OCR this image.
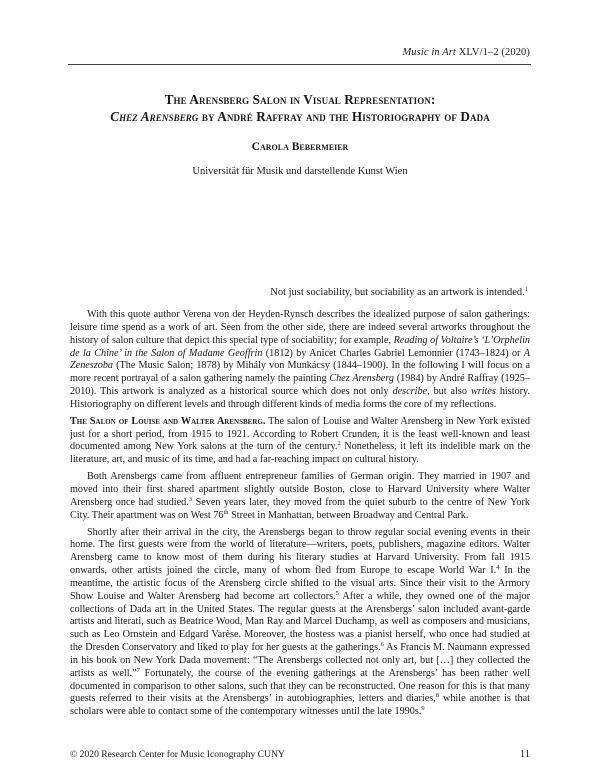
Music in Art XLV/1–2 (2020)
The Arensberg Salon in Visual Representation:
Chez Arensberg by André Raffray and the Historiography of Dada
Carola Bebermeier
Universität für Musik und darstellende Kunst Wien
Not just sociability, but sociability as an artwork is intended.$^1$

With this quote author Verena von der Heyden-Rynsch describes the idealized purpose of salon gatherings: leisure time spend as a work of art. Seen from the other side, there are indeed several artworks throughout the history of salon culture that depict this special type of sociability; for example, Reading of Voltaire’s ‘L’Orphelin de la Chine’ in the Salon of Madame Geoffrin (1812) by Anicet Charles Gabriel Lemonnier (1743–1824) or A Zeneszoba (The Music Salon; 1878) by Mihály von Munkácsy (1844–1900). In the following I will focus on a more recent portrayal of a salon gathering namely the painting Chez Arensberg (1984) by André Raffray (1925–2010). This artwork is analyzed as a historical source which does not only describe, but also writes history. Historiography on different levels and through different kinds of media forms the core of my reflections.

The Salon of Louise and Walter Arensberg. The salon of Louise and Walter Arensberg in New York existed just for a short period, from 1915 to 1921. According to Robert Crunden, it is the least well-known and least documented among New York salons at the turn of the century.$^2$ Nonetheless, it left its indelible mark on the literature, art, and music of its time, and had a far-reaching impact on cultural history.

Both Arensbergs came from affluent entrepreneur families of German origin. They married in 1907 and moved into their first shared apartment slightly outside Boston, close to Harvard University where Walter Arensberg once had studied.$^3$ Seven years later, they moved from the quiet suburb to the centre of New York City. Their apartment was on West 76th Street in Manhattan, between Broadway and Central Park.

Shortly after their arrival in the city, the Arensbergs began to throw regular social evening events in their home. The first guests were from the world of literature—writers, poets, publishers, magazine editors. Walter Arensberg came to know most of them during his literary studies at Harvard University. From fall 1915 onwards, other artists joined the circle, many of whom fled from Europe to escape World War I.$^4$ In the meantime, the artistic focus of the Arensberg circle shifted to the visual arts. Since their visit to the Armory Show Louise and Walter Arensberg had become art collectors.$^5$ After a while, they owned one of the major collections of Dada art in the United States. The regular guests at the Arensbergs’ salon included avant-garde artists and literati, such as Beatrice Wood, Man Ray and Marcel Duchamp, as well as composers and musicians, such as Leo Ornstein and Edgard Varèse. Moreover, the hostess was a pianist herself, who once had studied at the Dresden Conservatory and liked to play for her guests at the gatherings.$^6$ As Francis M. Naumann expressed in his book on New York Dada movement: “The Arensbergs collected not only art, but […] they collected the artists as well.”$^7$ Fortunately, the course of the evening gatherings at the Arensbergs’ has been rather well documented in comparison to other salons, such that they can be reconstructed. One reason for this is that many guests referred to their visits at the Arensbergs’ in autobiographies, letters and diaries,$^8$ while another is that scholars were able to contact some of the contemporary witnesses until the late 1990s.$^9$

© 2020 Research Center for Music Iconography CUNY	11
